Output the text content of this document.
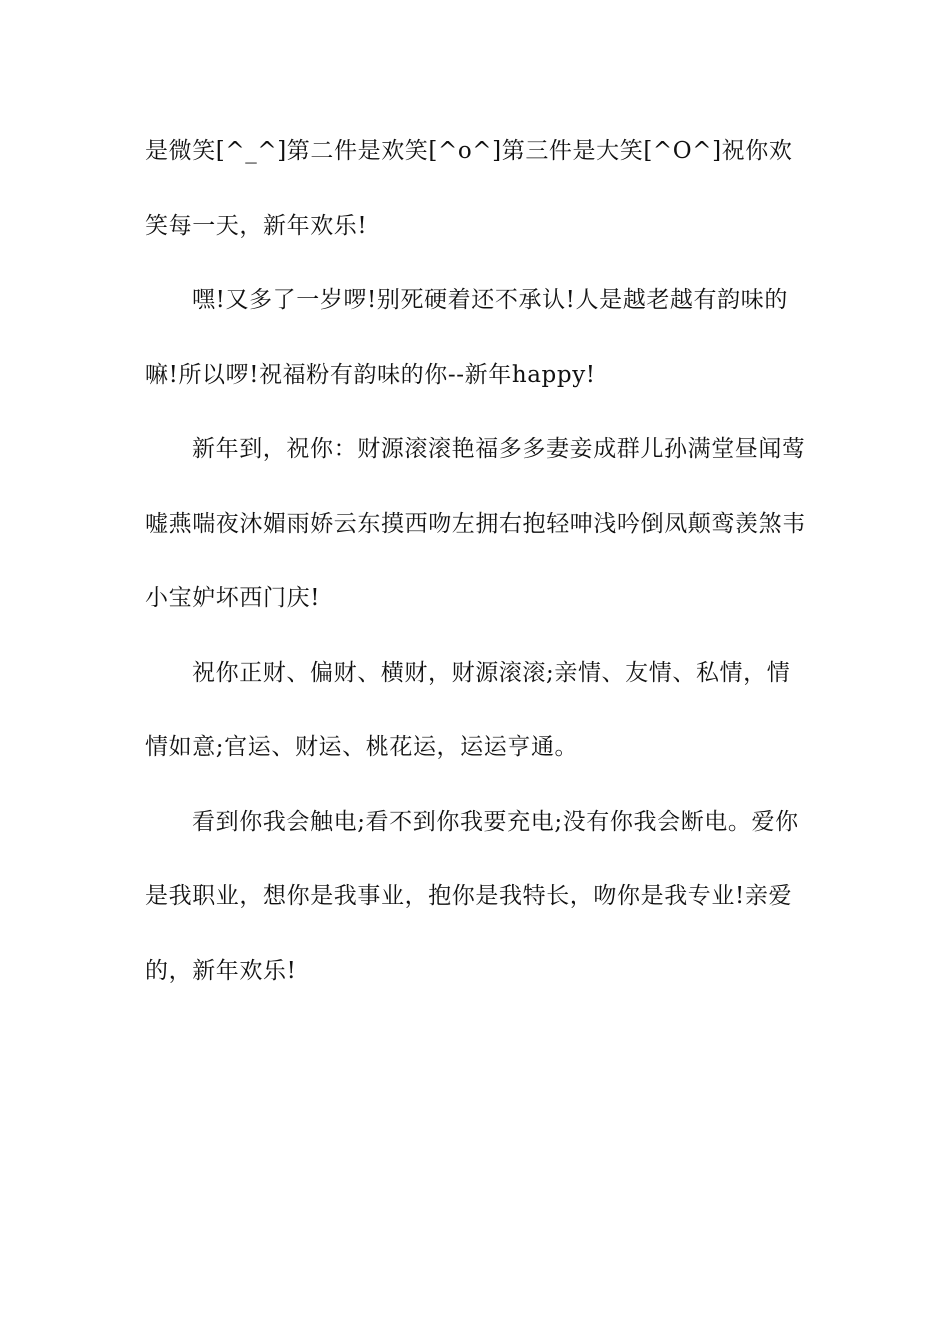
是微笑[^_^]第二件是欢笑[^o^]第三件是大笑[^O^]祝你欢笑每一天，新年欢乐!

嘿!又多了一岁啰!别死硬着还不承认!人是越老越有韵味的嘛!所以啰!祝福粉有韵味的你--新年happy!

新年到，祝你：财源滚滚艳福多多妻妾成群儿孙满堂昼闻莺嘘燕喘夜沐媚雨娇云东摸西吻左拥右抱轻呻浅吟倒凤颠鸾羡煞韦小宝妒坏西门庆!

祝你正财、偏财、横财，财源滚滚;亲情、友情、私情，情情如意;官运、财运、桃花运，运运亨通。

看到你我会触电;看不到你我要充电;没有你我会断电。爱你是我职业，想你是我事业，抱你是我特长，吻你是我专业!亲爱的，新年欢乐!
